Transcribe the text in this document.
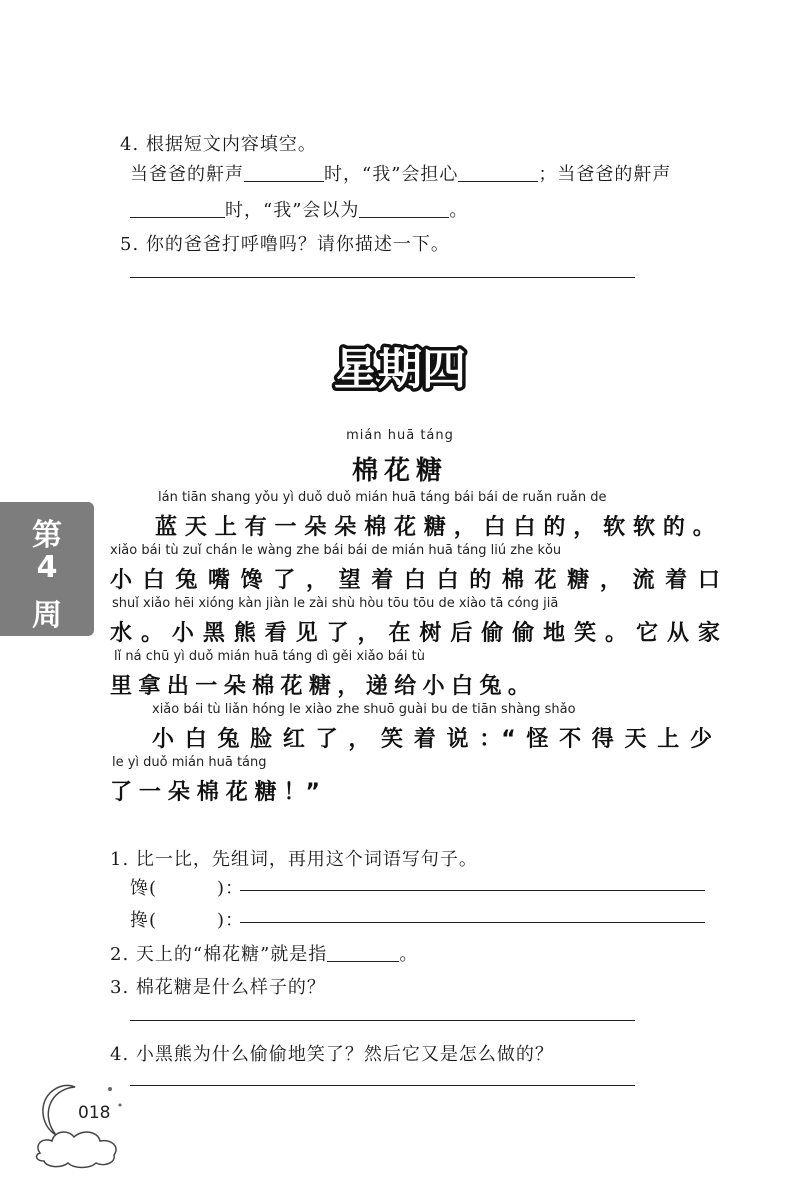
4. 根据短文内容填空。
当爸爸的鼾声	时，“我”会担心	；当爸爸的鼾声
时，“我”会以为	。
5. 你的爸爸打呼噜吗？请你描述一下。
星期四
mián huā táng
棉花糖
第
4
周
lán tiān shang yǒu yì duǒ duǒ mián huā táng bái bái de ruǎn ruǎn de
蓝 天 上 有 一 朵 朵 棉 花 糖 ， 白 白 的 ， 软 软 的 。
xiǎo bái tù zuǐ chán le wàng zhe bái bái de mián huā táng liú zhe kǒu
小 白 兔 嘴 馋 了 ， 望 着 白 白 的 棉 花 糖 ， 流 着 口
shuǐ xiǎo hēi xióng kàn jiàn le zài shù hòu tōu tōu de xiào tā cóng jiā
水 。 小 黑 熊 看 见 了 ， 在 树 后 偷 偷 地 笑 。 它 从 家
lǐ ná chū yì duǒ mián huā táng dì gěi xiǎo bái tù
里 拿 出 一 朵 棉 花 糖 ， 递 给 小 白 兔 。
xiǎo bái tù liǎn hóng le xiào zhe shuō guài bu de tiān shàng shǎo
小 白 兔 脸 红 了 ， 笑 着 说 ：“ 怪 不 得 天 上 少
le yì duǒ mián huā táng
了 一 朵 棉 花 糖 ！”
1. 比一比，先组词，再用这个词语写句子。
馋(	)：
搀(	)：
2. 天上的“棉花糖”就是指	。
3. 棉花糖是什么样子的？
4. 小黑熊为什么偷偷地笑了？然后它又是怎么做的？
018
